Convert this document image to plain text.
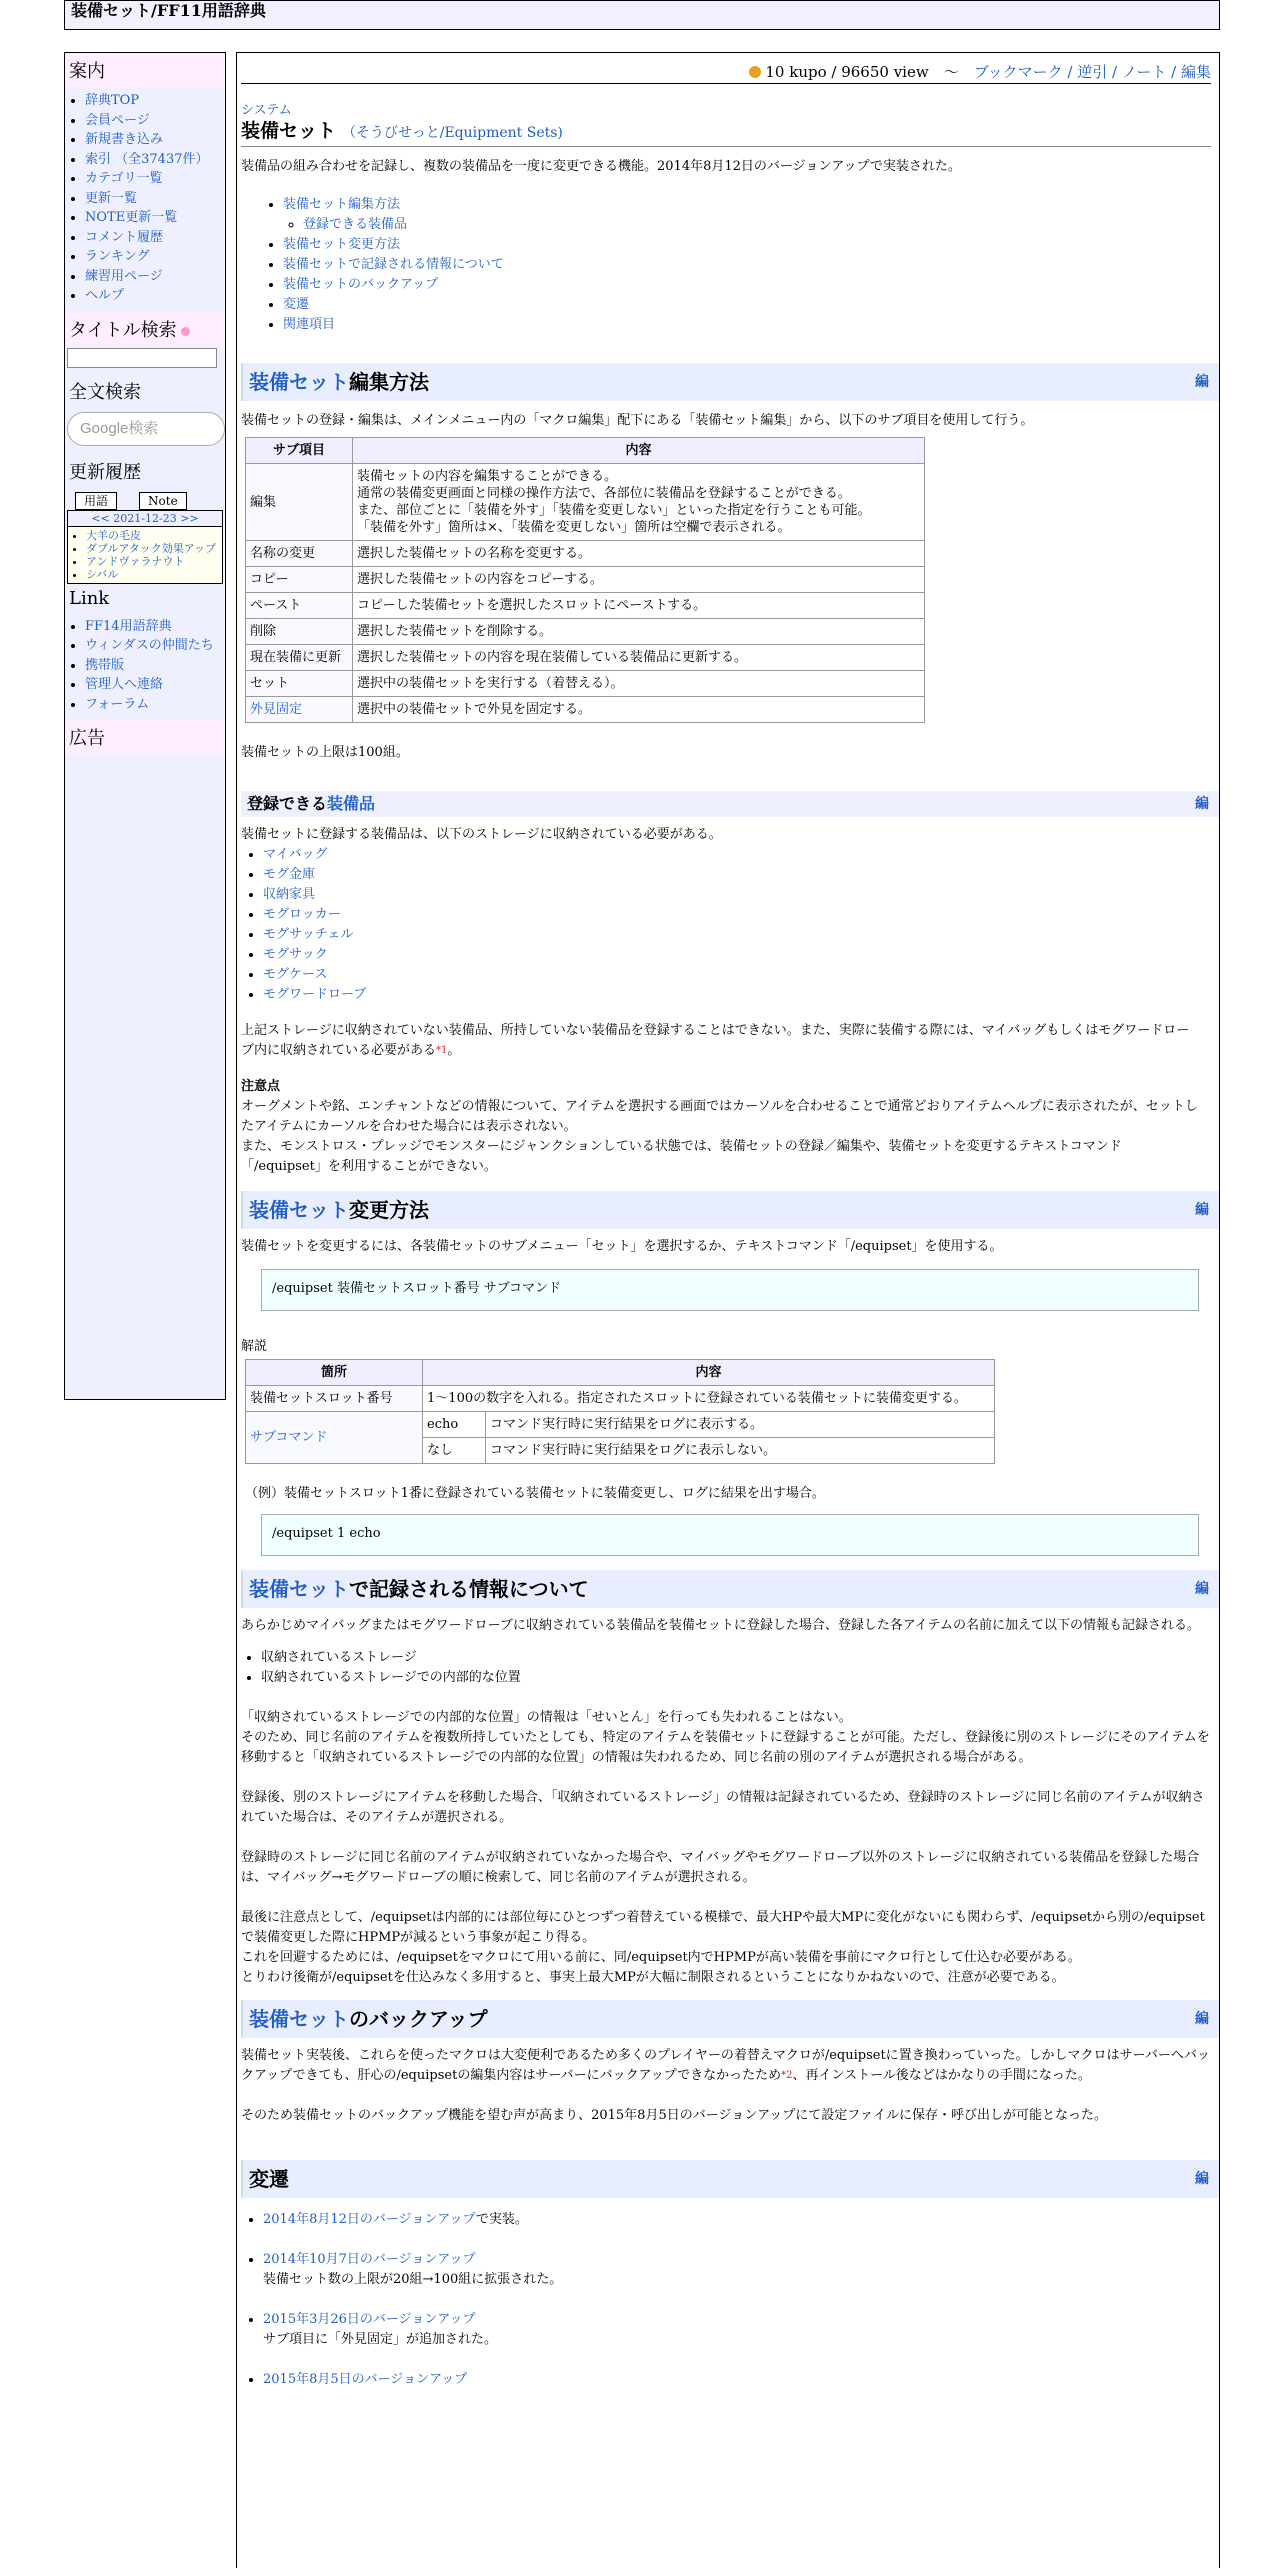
装備セット/FF11用語辞典
案内
• 辞典TOP
• 会員ページ
• 新規書き込み
• 索引 （全37437件）
• カテゴリ一覧
• 更新一覧
• NOTE更新一覧
• コメント履歴
• ランキング
• 練習用ページ
• ヘルプ
タイトル検索
全文検索
Google検索
更新履歴
用語	Note
<< 2021-12-23 >>
• 大羊の毛皮
• ダブルアタック効果アップ
• アンドヴァラナウト
• シバル
Link
• FF14用語辞典
• ウィンダスの仲間たち
• 携帯版
• 管理人へ連絡
• フォーラム
広告
10 kupo / 96650 view　～　 ブックマーク / 逆引 / ノート / 編集
システム
装備セット （そうびせっと/Equipment Sets)

装備品の組み合わせを記録し、複数の装備品を一度に変更できる機能。2014年8月12日のバージョンアップで実装された。

• 装備セット編集方法
◦ 登録できる装備品
• 装備セット変更方法
• 装備セットで記録される情報について
• 装備セットのバックアップ
• 変遷
• 関連項目
装備セット編集方法	編

装備セットの登録・編集は、メインメニュー内の「マクロ編集」配下にある「装備セット編集」から、以下のサブ項目を使用して行う。

サブ項目	内容
編集	装備セットの内容を編集することができる。
通常の装備変更画面と同様の操作方法で、各部位に装備品を登録することができる。
また、部位ごとに「装備を外す」「装備を変更しない」といった指定を行うことも可能。
「装備を外す」箇所は×、「装備を変更しない」箇所は空欄で表示される。
名称の変更	選択した装備セットの名称を変更する。
コピー	選択した装備セットの内容をコピーする。
ペースト	コピーした装備セットを選択したスロットにペーストする。
削除	選択した装備セットを削除する。
現在装備に更新	選択した装備セットの内容を現在装備している装備品に更新する。
セット	選択中の装備セットを実行する（着替える）。
外見固定	選択中の装備セットで外見を固定する。

装備セットの上限は100組。

登録できる装備品	編

装備セットに登録する装備品は、以下のストレージに収納されている必要がある。

• マイバッグ
• モグ金庫
• 収納家具
• モグロッカー
• モグサッチェル
• モグサック
• モグケース
• モグワードローブ

上記ストレージに収納されていない装備品、所持していない装備品を登録することはできない。また、実際に装備する際には、マイバッグもしくはモグワードローブ内に収納されている必要がある$^{*1}$。

注意点

オーグメントや銘、エンチャントなどの情報について、アイテムを選択する画面ではカーソルを合わせることで通常どおりアイテムヘルプに表示されたが、セットしたアイテムにカーソルを合わせた場合には表示されない。

また、モンストロス・プレッジでモンスターにジャンクションしている状態では、装備セットの登録／編集や、装備セットを変更するテキストコマンド「/equipset」を利用することができない。

装備セット変更方法	編

装備セットを変更するには、各装備セットのサブメニュー「セット」を選択するか、テキストコマンド「/equipset」を使用する。

/equipset 装備セットスロット番号 サブコマンド

解説

箇所	内容	
装備セットスロット番号	1～100の数字を入れる。指定されたスロットに登録されている装備セットに装備変更する。	
サブコマンド	echo	コマンド実行時に実行結果をログに表示する。
	なし	コマンド実行時に実行結果をログに表示しない。

（例）装備セットスロット1番に登録されている装備セットに装備変更し、ログに結果を出す場合。

/equipset 1 echo
装備セットで記録される情報について	編

あらかじめマイバッグまたはモグワードローブに収納されている装備品を装備セットに登録した場合、登録した各アイテムの名前に加えて以下の情報も記録される。

• 収納されているストレージ
• 収納されているストレージでの内部的な位置

「収納されているストレージでの内部的な位置」の情報は「せいとん」を行っても失われることはない。
そのため、同じ名前のアイテムを複数所持していたとしても、特定のアイテムを装備セットに登録することが可能。ただし、登録後に別のストレージにそのアイテムを移動すると「収納されているストレージでの内部的な位置」の情報は失われるため、同じ名前の別のアイテムが選択される場合がある。

登録後、別のストレージにアイテムを移動した場合、「収納されているストレージ」の情報は記録されているため、登録時のストレージに同じ名前のアイテムが収納されていた場合は、そのアイテムが選択される。

登録時のストレージに同じ名前のアイテムが収納されていなかった場合や、マイバッグやモグワードローブ以外のストレージに収納されている装備品を登録した場合は、マイバッグ→モグワードローブの順に検索して、同じ名前のアイテムが選択される。

最後に注意点として、/equipsetは内部的には部位毎にひとつずつ着替えている模様で、最大HPや最大MPに変化がないにも関わらず、/equipsetから別の/equipsetで装備変更した際にHPMPが減るという事象が起こり得る。
これを回避するためには、/equipsetをマクロにて用いる前に、同/equipset内でHPMPが高い装備を事前にマクロ行として仕込む必要がある。
とりわけ後衛が/equipsetを仕込みなく多用すると、事実上最大MPが大幅に制限されるということになりかねないので、注意が必要である。

装備セットのバックアップ	編

装備セット実装後、これらを使ったマクロは大変便利であるため多くのプレイヤーの着替えマクロが/equipsetに置き換わっていった。しかしマクロはサーバーへバックアップできても、肝心の/equipsetの編集内容はサーバーにバックアップできなかったため$^{*2}$、再インストール後などはかなりの手間になった。

そのため装備セットのバックアップ機能を望む声が高まり、2015年8月5日のバージョンアップにて設定ファイルに保存・呼び出しが可能となった。

変遷	編
• 2014年8月12日のバージョンアップで実装。
• 2014年10月7日のバージョンアップ
装備セット数の上限が20組→100組に拡張された。
• 2015年3月26日のバージョンアップ
サブ項目に「外見固定」が追加された。
• 2015年8月5日のバージョンアップ
